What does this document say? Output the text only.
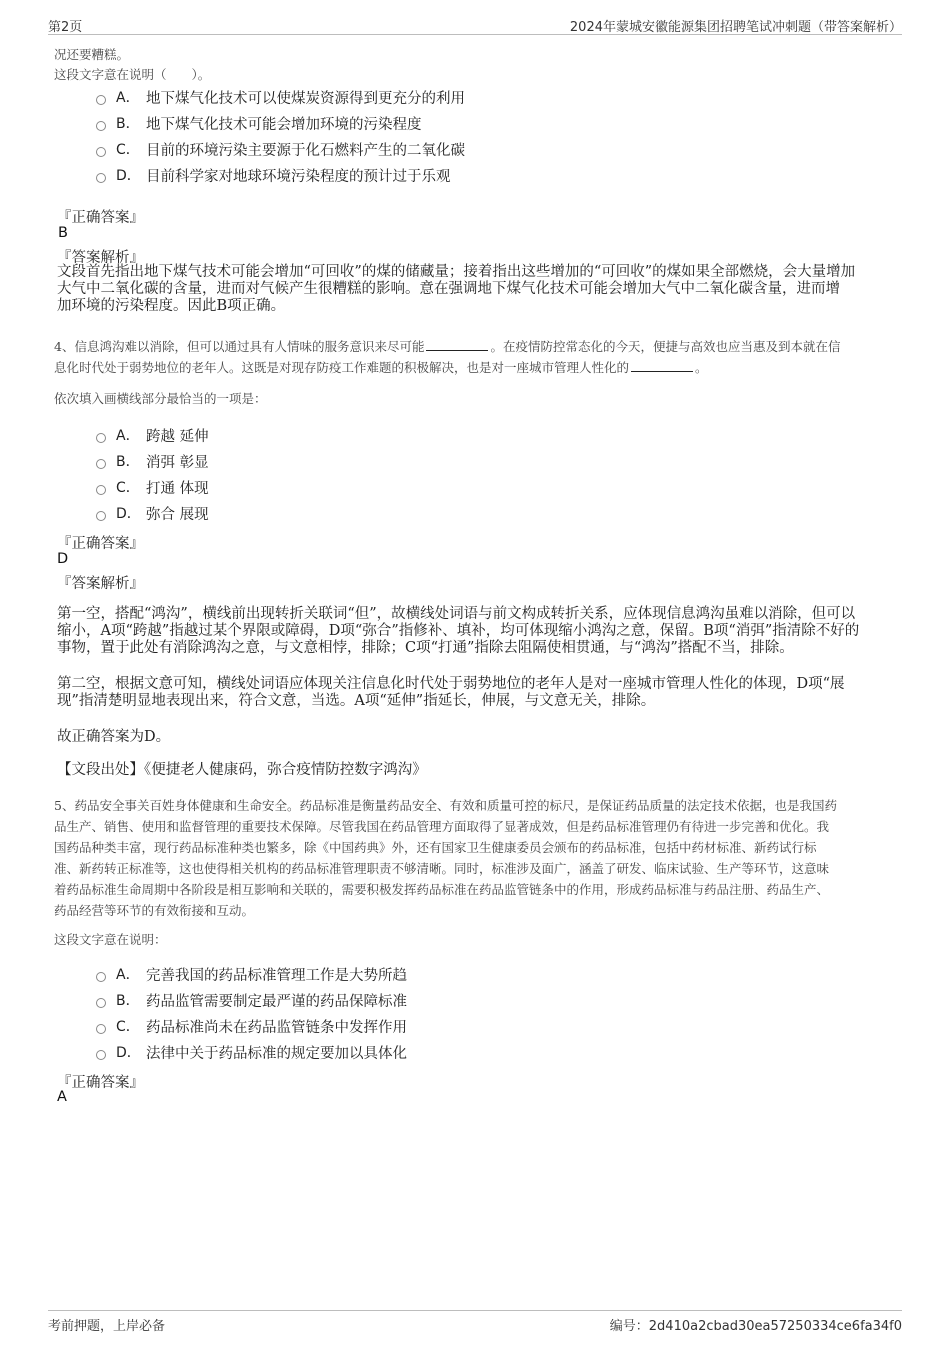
第2页	2024年蒙城安徽能源集团招聘笔试冲刺题（带答案解析）
况还要糟糕。
这段文字意在说明（　　）。
A． 地下煤气化技术可以使煤炭资源得到更充分的利用
B． 地下煤气化技术可能会增加环境的污染程度
C． 目前的环境污染主要源于化石燃料产生的二氧化碳
D． 目前科学家对地球环境污染程度的预计过于乐观
『正确答案』
B
『答案解析』
文段首先指出地下煤气技术可能会增加“可回收”的煤的储藏量；接着指出这些增加的“可回收”的煤如果全部燃烧，会大量增加
大气中二氧化碳的含量，进而对气候产生很糟糕的影响。意在强调地下煤气化技术可能会增加大气中二氧化碳含量，进而增
加环境的污染程度。因此B项正确。
4、信息鸿沟难以消除，但可以通过具有人情味的服务意识来尽可能	。在疫情防控常态化的今天，便捷与高效也应当惠及到本就在信
息化时代处于弱势地位的老年人。这既是对现存防疫工作难题的积极解决，也是对一座城市管理人性化的	。
依次填入画横线部分最恰当的一项是：
A． 跨越 延伸
B． 消弭 彰显
C． 打通 体现
D． 弥合 展现
『正确答案』
D
『答案解析』
第一空，搭配“鸿沟”，横线前出现转折关联词“但”，故横线处词语与前文构成转折关系，应体现信息鸿沟虽难以消除，但可以
缩小，A项“跨越”指越过某个界限或障碍，D项“弥合”指修补、填补，均可体现缩小鸿沟之意，保留。B项“消弭”指清除不好的
事物，置于此处有消除鸿沟之意，与文意相悖，排除；C项“打通”指除去阻隔使相贯通，与“鸿沟”搭配不当，排除。
第二空，根据文意可知，横线处词语应体现关注信息化时代处于弱势地位的老年人是对一座城市管理人性化的体现，D项“展
现”指清楚明显地表现出来，符合文意，当选。A项“延伸”指延长，伸展，与文意无关，排除。
故正确答案为D。
【文段出处】《便捷老人健康码，弥合疫情防控数字鸿沟》
5、药品安全事关百姓身体健康和生命安全。药品标准是衡量药品安全、有效和质量可控的标尺，是保证药品质量的法定技术依据，也是我国药
品生产、销售、使用和监督管理的重要技术保障。尽管我国在药品管理方面取得了显著成效，但是药品标准管理仍有待进一步完善和优化。我
国药品种类丰富，现行药品标准种类也繁多，除《中国药典》外，还有国家卫生健康委员会颁布的药品标准，包括中药材标准、新药试行标
准、新药转正标准等，这也使得相关机构的药品标准管理职责不够清晰。同时，标准涉及面广，涵盖了研发、临床试验、生产等环节，这意味
着药品标准生命周期中各阶段是相互影响和关联的，需要积极发挥药品标准在药品监管链条中的作用，形成药品标准与药品注册、药品生产、
药品经营等环节的有效衔接和互动。
这段文字意在说明：
A． 完善我国的药品标准管理工作是大势所趋
B． 药品监管需要制定最严谨的药品保障标准
C． 药品标准尚未在药品监管链条中发挥作用
D． 法律中关于药品标准的规定要加以具体化
『正确答案』
A
考前押题，上岸必备	编号：2d410a2cbad30ea57250334ce6fa34f0
